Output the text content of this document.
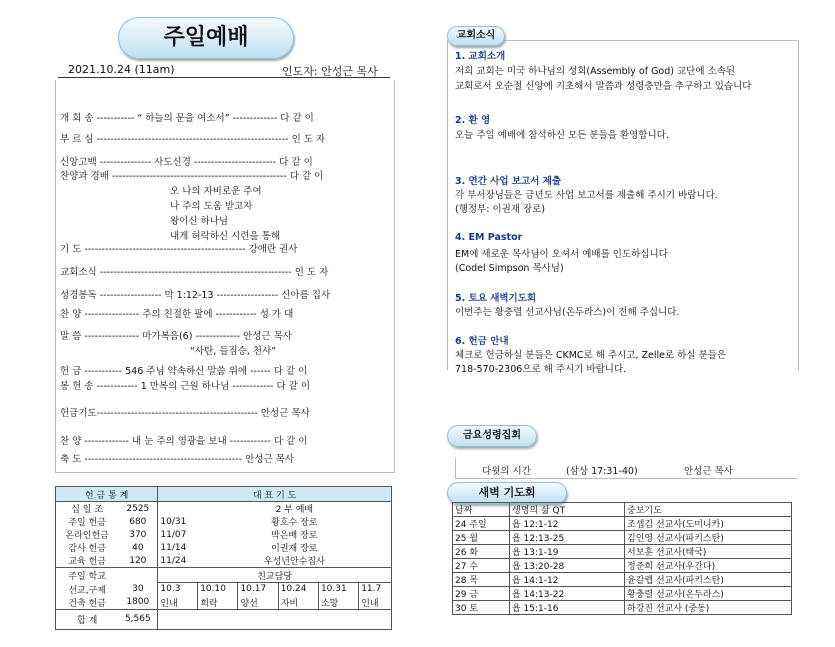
주일예배
2021.10.24 (11am)	인도자: 안성근 목사
개 회 송 ----------- “ 하늘의 문을 여소서” ------------- 다 같 이
부 르 심 -------------------------------------------------------- 인 도 자
신앙고백 --------------- 사도신경 ------------------------ 다 같 이
찬양과 경배 --------------------------------------------------- 다 같 이
오 나의 자비로운 주여
나 주의 도움 받고자
왕이신 하나님
내게 허락하신 시련을 통해
기 도 ----------------------------------------------- 강애란 권사
교회소식 -------------------------------------------------------- 인 도 자
성경봉독 ------------------ 막 1:12-13 ------------------ 신아름 집사
찬 양 ---------------- 주의 친절한 팔에 ------------ 성 가 대
말 씀 ---------------- 마가복음(6) ------------- 안성근 목사
“사탄, 들짐승, 천사”
헌 금 ----------- 546 주님 약속하신 말씀 위에 ------ 다 같 이
봉 헌 송 ------------ 1 만복의 근원 하나님 ------------ 다 같 이
헌금기도----------------------------------------------- 안성근 목사
찬 양 ------------- 내 눈 주의 영광을 보내 ------------ 다 같 이
축 도 ---------------------------------------------- 안성근 목사
헌 금 통 계		대 표 기 도					
십 일 조	2525		2 부 예배				
주일 헌금	680	10/31	황호수 장로				
온라인헌금	370	11/07	박은배 장로				
감사 헌금	40	11/14	이권재 장로				
교육 헌금	120	11/24	우성년안수집사				
주일 학교		친교담당					
선교,구제	30	10.3	10.10	10.17	10.24	10.31	11.7
건축 헌금	1800	인내	희락	양선	자비	소망	인내
합 계	5,565						
교회소식
1. 교회소개
저희 교회는 미국 하나님의 성회(Assembly of God) 교단에 소속된
교회로서 오순절 신앙에 기초해서 말씀과 성령충만을 추구하고 있습니다
2. 환 영
오늘 주일 예배에 참석하신 모든 분들을 환영합니다.
3. 연간 사업 보고서 제출
각 부서장님들은 금년도 사업 보고서를 제출해 주시기 바랍니다.
(행정부: 이권재 장로)
4. EM Pastor
EM에 새로운 목사님이 오셔서 예배를 인도하십니다
(Codel Simpson 목사님)
5. 토요 새벽기도회
이번주는 황충렬 선교사님(온두라스)이 전해 주십니다.
6. 헌금 안내
체크로 헌금하실 분들은 CKMC로 해 주시고, Zelle로 하실 분들은
718-570-2306으로 해 주시기 바랍니다.
금요성령집회
다윗의 시간	(삼상 17:31-40)	안성근 목사
새벽 기도회
날짜	생명의 삶 QT	중보기도
24 주일	욥 12:1-12	조셉김 선교사(도미니카)
25 월	욥 12:13-25	김인영 선교사(파키스탄)
26 화	욥 13:1-19	서보훈 선교사(태국)
27 수	욥 13:20-28	정준희 선교사(우간다)
28 목	욥 14:1-12	윤갈렙 선교사(파키스탄)
29 금	욥 14:13-22	황충렬 선교사(온두라스)
30 토	욥 15:1-16	하강진 선교사 (중동)
